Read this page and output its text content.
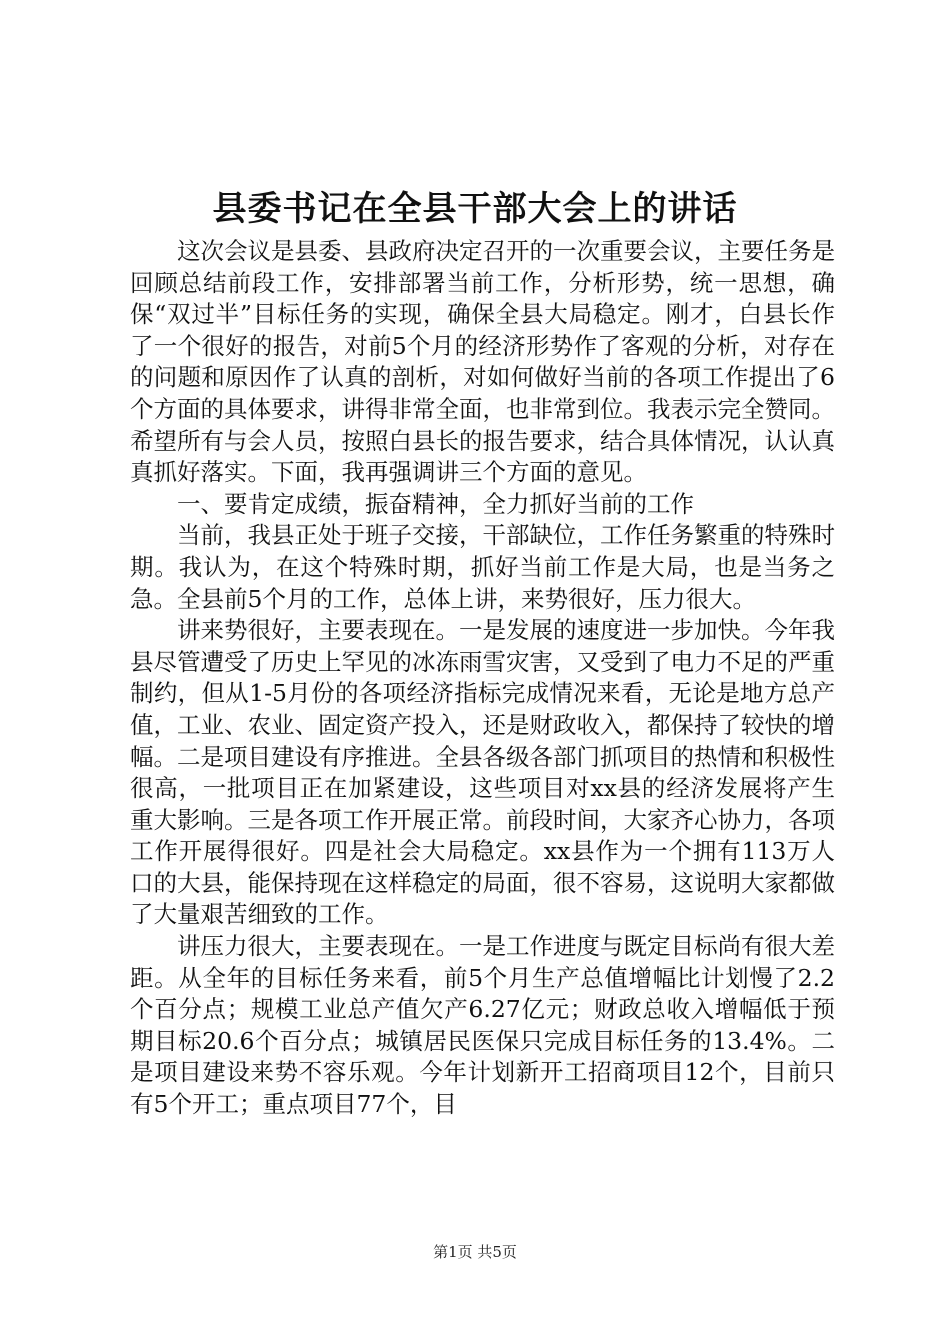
县委书记在全县干部大会上的讲话

这次会议是县委、县政府决定召开的一次重要会议，主要任务是回顾总结前段工作，安排部署当前工作，分析形势，统一思想，确保“双过半”目标任务的实现，确保全县大局稳定。刚才，白县长作了一个很好的报告，对前5个月的经济形势作了客观的分析，对存在的问题和原因作了认真的剖析，对如何做好当前的各项工作提出了6个方面的具体要求，讲得非常全面，也非常到位。我表示完全赞同。希望所有与会人员，按照白县长的报告要求，结合具体情况，认认真真抓好落实。下面，我再强调讲三个方面的意见。

一、要肯定成绩，振奋精神，全力抓好当前的工作

当前，我县正处于班子交接，干部缺位，工作任务繁重的特殊时期。我认为，在这个特殊时期，抓好当前工作是大局，也是当务之急。全县前5个月的工作，总体上讲，来势很好，压力很大。

讲来势很好，主要表现在。一是发展的速度进一步加快。今年我县尽管遭受了历史上罕见的冰冻雨雪灾害，又受到了电力不足的严重制约，但从1-5月份的各项经济指标完成情况来看，无论是地方总产值，工业、农业、固定资产投入，还是财政收入，都保持了较快的增幅。二是项目建设有序推进。全县各级各部门抓项目的热情和积极性很高，一批项目正在加紧建设，这些项目对xx县的经济发展将产生重大影响。三是各项工作开展正常。前段时间，大家齐心协力，各项工作开展得很好。四是社会大局稳定。xx县作为一个拥有113万人口的大县，能保持现在这样稳定的局面，很不容易，这说明大家都做了大量艰苦细致的工作。

讲压力很大，主要表现在。一是工作进度与既定目标尚有很大差距。从全年的目标任务来看，前5个月生产总值增幅比计划慢了2.2个百分点；规模工业总产值欠产6.27亿元；财政总收入增幅低于预期目标20.6个百分点；城镇居民医保只完成目标任务的13.4%。二是项目建设来势不容乐观。今年计划新开工招商项目12个，目前只有5个开工；重点项目77个，目

第1页 共5页
